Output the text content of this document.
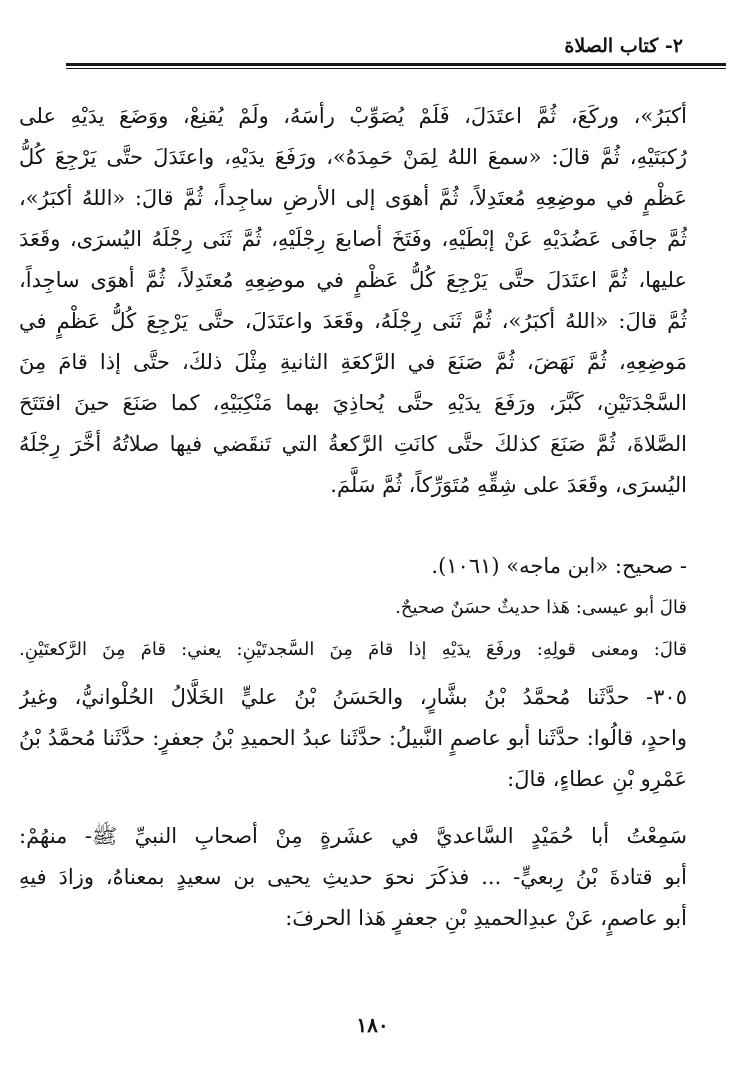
٢- كتاب الصلاة
أكبَرُ»، وركَعَ، ثُمَّ اعتَدَلَ، فَلَمْ يُصَوِّبْ رأسَهُ، ولَمْ يُقنِعْ، ووَضَعَ يدَيْهِ على
رُكبَتَيْهِ، ثُمَّ قالَ: «سمعَ اللهُ لِمَنْ حَمِدَهُ»، ورَفَعَ يدَيْهِ، واعتَدَلَ حتَّى يَرْجِعَ كُلُّ
عَظْمٍ في موضِعِهِ مُعتَدِلاً، ثُمَّ أهوَى إلى الأرضِ ساجِداً، ثُمَّ قالَ: «اللهُ أكبَرُ»،
ثُمَّ جافَى عَضُدَيْهِ عَنْ إبْطَيْهِ، وفَتَخَ أصابعَ رِجْلَيْهِ، ثُمَّ ثَنَى رِجْلَهُ اليُسرَى، وقَعَدَ
عليها، ثُمَّ اعتَدَلَ حتَّى يَرْجِعَ كُلُّ عَظْمٍ في موضِعِهِ مُعتَدِلاً، ثُمَّ أهوَى ساجِداً،
ثُمَّ قالَ: «اللهُ أكبَرُ»، ثُمَّ ثَنَى رِجْلَهُ، وقَعَدَ واعتَدَلَ، حتَّى يَرْجِعَ كُلُّ عَظْمٍ في
مَوضِعِهِ، ثُمَّ نَهَضَ، ثُمَّ صَنَعَ في الرَّكعَةِ الثانيةِ مِثْلَ ذلكَ، حتَّى إذا قامَ مِنَ
السَّجْدَتَيْنِ، كَبَّرَ، ورَفَعَ يدَيْهِ حتَّى يُحاذِيَ بهما مَنْكِبَيْهِ، كما صَنَعَ حينَ افتَتَحَ
الصَّلاةَ، ثُمَّ صَنَعَ كذلكَ حتَّى كانَتِ الرَّكعةُ التي تَنقَضي فيها صلاتُهُ أخَّرَ رِجْلَهُ
اليُسرَى، وقَعَدَ على شِقِّهِ مُتَوَرِّكاً، ثُمَّ سَلَّمَ.
- صحيح: «ابن ماجه» (١٠٦١).
قالَ أبو عيسى: هَذا حديثٌ حسَنٌ صحيحٌ.
قالَ: ومعنى قولِهِ: ورفَعَ يدَيْهِ إذا قامَ مِنَ السَّجدتَيْنِ: يعني: قامَ مِنَ الرَّكعتَيْنِ.
٣٠٥- حدَّثَنا مُحمَّدُ بْنُ بشَّارٍ، والحَسَنُ بْنُ عليٍّ الخَلَّالُ الحُلْوانيُّ، وغيرُ
واحدٍ، قالُوا: حدَّثَنا أبو عاصمٍ النَّبيلُ: حدَّثَنا عبدُ الحميدِ بْنُ جعفرٍ: حدَّثَنا مُحمَّدُ بْنُ
عَمْرِو بْنِ عطاءٍ، قالَ:
سَمِعْتُ أبا حُمَيْدٍ السَّاعديَّ في عشَرةٍ مِنْ أصحابِ النبيِّ ﷺ- منهُمْ:
أبو قتادةَ بْنُ رِبعيٍّ- ... فذكَرَ نحوَ حديثِ يحيى بن سعيدٍ بمعناهُ، وزادَ فيهِ
أبو عاصمٍ، عَنْ عبدِالحميدِ بْنِ جعفرٍ هَذا الحرفَ:
١٨٠
